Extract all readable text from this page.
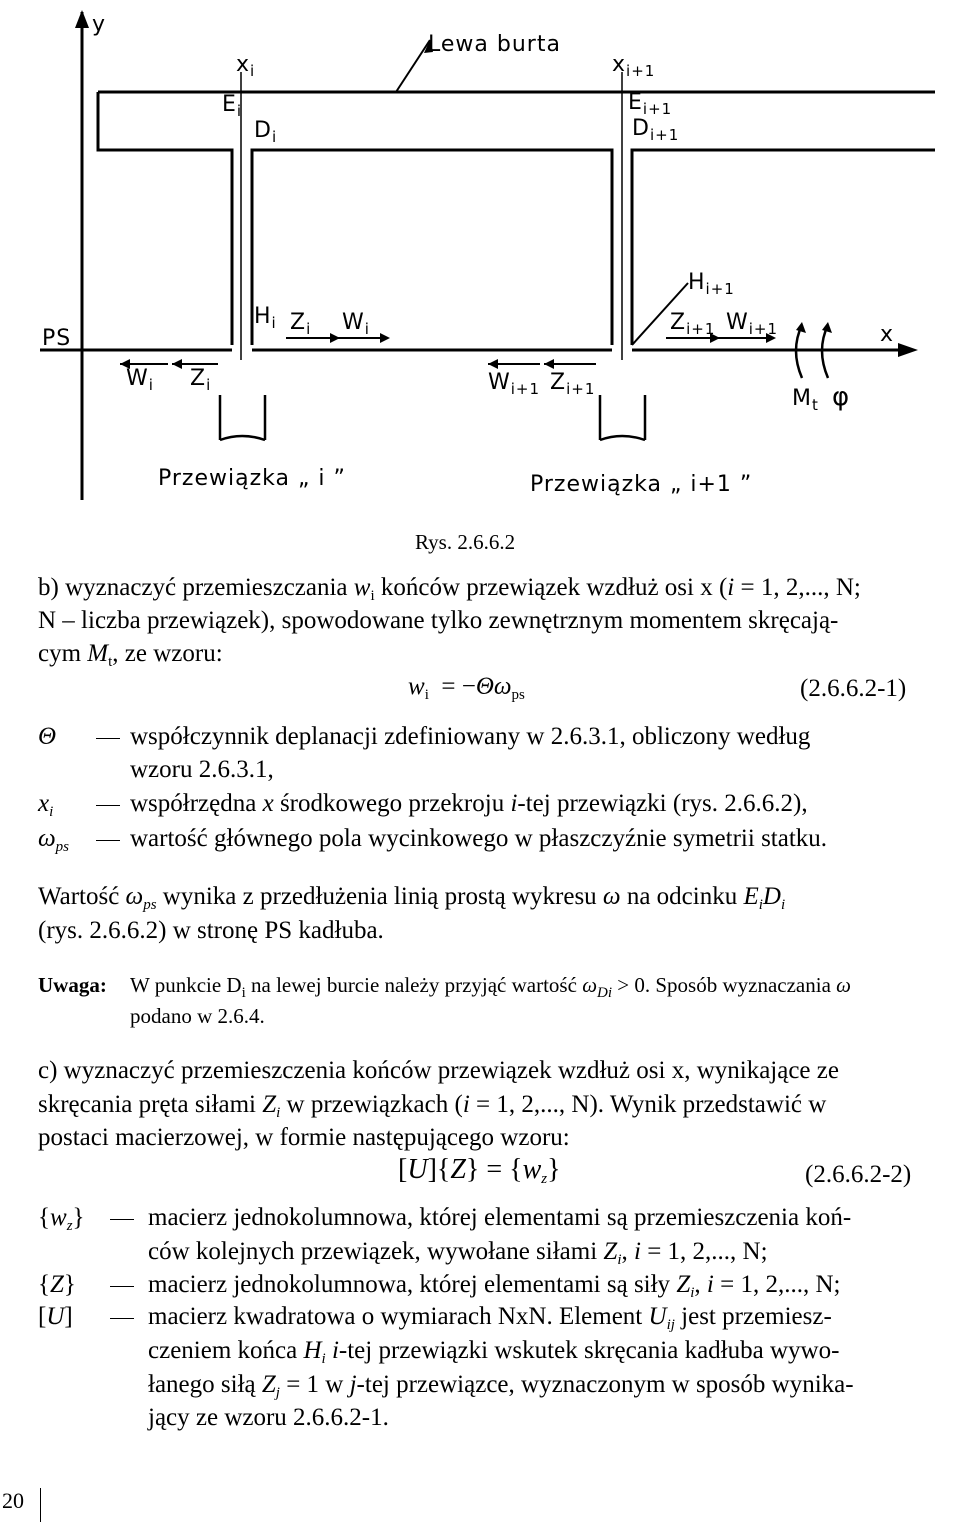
y
$x_i$	$x_{i+1}$
Lewa burta
$E_i$
$D_i$
$E_{i+1}$
$D_{i+1}$
$H_i$ $Z_i$ $W_i$
$H_{i+1}$
$Z_{i+1}$ $W_{i+1}$
PS	x
$W_i$ $Z_i$	$W_{i+1}$ $Z_{i+1}$	$M_t$ φ
Przewiązka „ i ”	Przewiązka „ i+1 ”
Rys. 2.6.6.2
b) wyznaczyć przemieszczania $w_i$ końców przewiązek wzdłuż osi x (i = 1, 2,..., N;
N – liczba przewiązek), spowodowane tylko zewnętrznym momentem skręcają-
cym $M_t$, ze wzoru:
$w_i = -\Theta\omega_{ps}$	(2.6.6.2-1)
Θ	współczynnik deplanacji zdefiniowany w 2.6.3.1, obliczony według
wzoru 2.6.3.1,
$x_i$	współrzędna x środkowego przekroju i-tej przewiązki (rys. 2.6.6.2),
$\omega_{ps}$ wartość głównego pola wycinkowego w płaszczyźnie symetrii statku.
Wartość $\omega_{ps}$ wynika z przedłużenia linią prostą wykresu ω na odcinku $E_iD_i$
(rys. 2.6.6.2) w stronę PS kadłuba.
Uwaga: W punkcie $D_i$ na lewej burcie należy przyjąć wartość $\omega_{Di} > 0$. Sposób wyznaczania ω
podano w 2.6.4.
c) wyznaczyć przemieszczenia końców przewiązek wzdłuż osi x, wynikające ze
skręcania pręta siłami $Z_i$ w przewiązkach (i = 1, 2,..., N). Wynik przedstawić w
postaci macierzowej, w formie następującego wzoru:
$[U]\{Z\} = \{w_z\}$	(2.6.6.2-2)
$\{w_z\}$	macierz jednokolumnowa, której elementami są przemieszczenia koń-
ców kolejnych przewiązek, wywołane siłami $Z_i$, i = 1, 2,..., N;
{Z}	macierz jednokolumnowa, której elementami są siły $Z_i$, i = 1, 2,..., N;
[U]	macierz kwadratowa o wymiarach NxN. Element $U_{ij}$ jest przemiesz-
czeniem końca $H_i$ i-tej przewiązki wskutek skręcania kadłuba wywo-
łanego siłą $Z_j = 1$ w j-tej przewiązce, wyznaczonym w sposób wynika-
jący ze wzoru 2.6.6.2-1.
20
